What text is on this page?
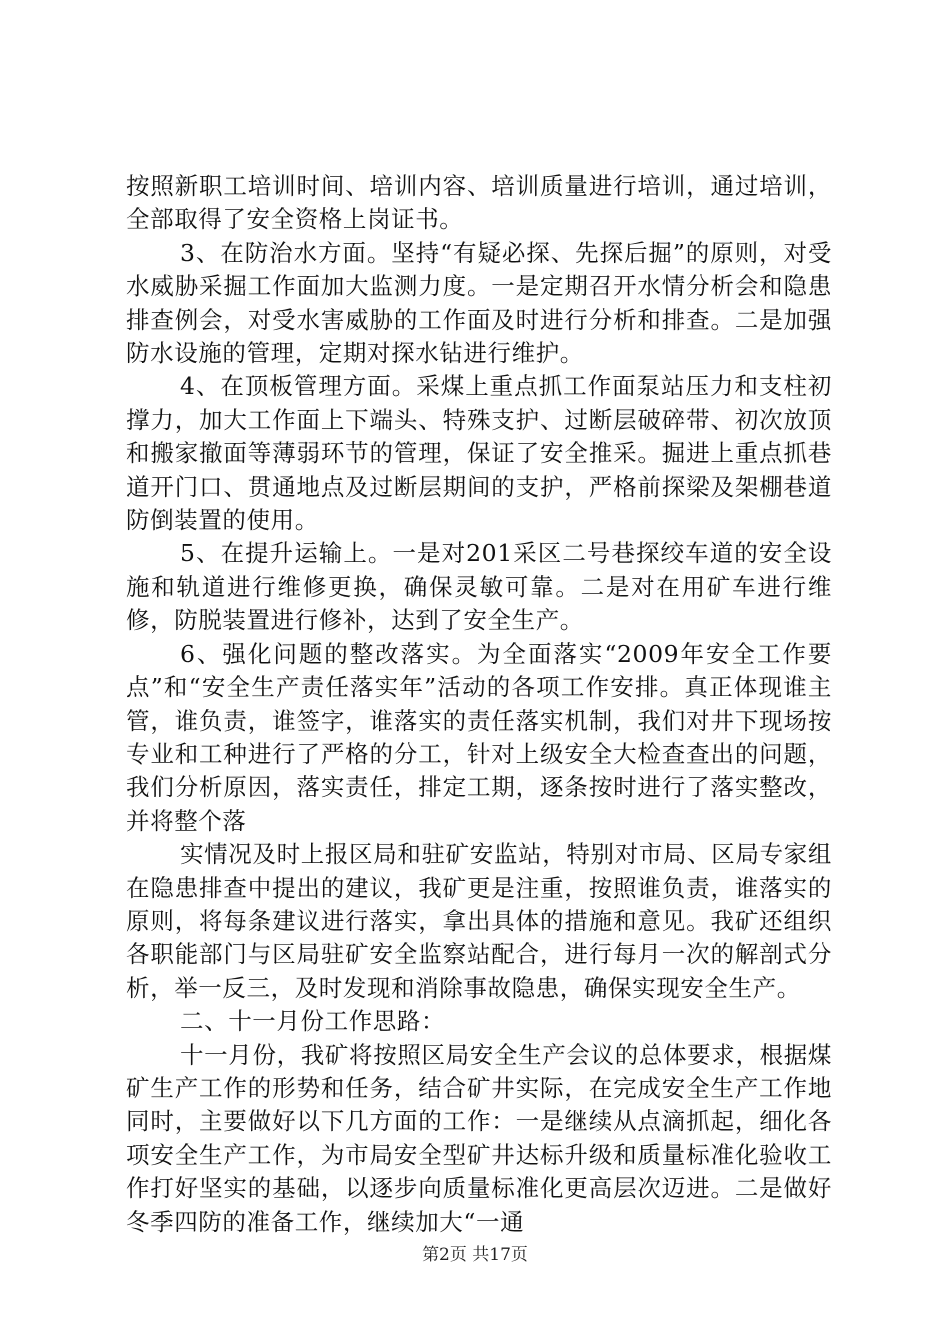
按照新职工培训时间、培训内容、培训质量进行培训，通过培训，全部取得了安全资格上岗证书。

3、在防治水方面。坚持“有疑必探、先探后掘”的原则，对受水威胁采掘工作面加大监测力度。一是定期召开水情分析会和隐患排查例会，对受水害威胁的工作面及时进行分析和排查。二是加强防水设施的管理，定期对探水钻进行维护。

4、在顶板管理方面。采煤上重点抓工作面泵站压力和支柱初撑力，加大工作面上下端头、特殊支护、过断层破碎带、初次放顶和搬家撤面等薄弱环节的管理，保证了安全推采。掘进上重点抓巷道开门口、贯通地点及过断层期间的支护，严格前探梁及架棚巷道防倒装置的使用。

5、在提升运输上。一是对201采区二号巷探绞车道的安全设施和轨道进行维修更换，确保灵敏可靠。二是对在用矿车进行维修，防脱装置进行修补，达到了安全生产。

6、强化问题的整改落实。为全面落实“2009年安全工作要点”和“安全生产责任落实年”活动的各项工作安排。真正体现谁主管，谁负责，谁签字，谁落实的责任落实机制，我们对井下现场按专业和工种进行了严格的分工，针对上级安全大检查查出的问题，我们分析原因，落实责任，排定工期，逐条按时进行了落实整改，并将整个落

实情况及时上报区局和驻矿安监站，特别对市局、区局专家组在隐患排查中提出的建议，我矿更是注重，按照谁负责，谁落实的原则，将每条建议进行落实，拿出具体的措施和意见。我矿还组织各职能部门与区局驻矿安全监察站配合，进行每月一次的解剖式分析，举一反三，及时发现和消除事故隐患，确保实现安全生产。

二、十一月份工作思路：

十一月份，我矿将按照区局安全生产会议的总体要求，根据煤矿生产工作的形势和任务，结合矿井实际，在完成安全生产工作地同时，主要做好以下几方面的工作：一是继续从点滴抓起，细化各项安全生产工作，为市局安全型矿井达标升级和质量标准化验收工作打好坚实的基础，以逐步向质量标准化更高层次迈进。二是做好冬季四防的准备工作，继续加大“一通

第2页 共17页
